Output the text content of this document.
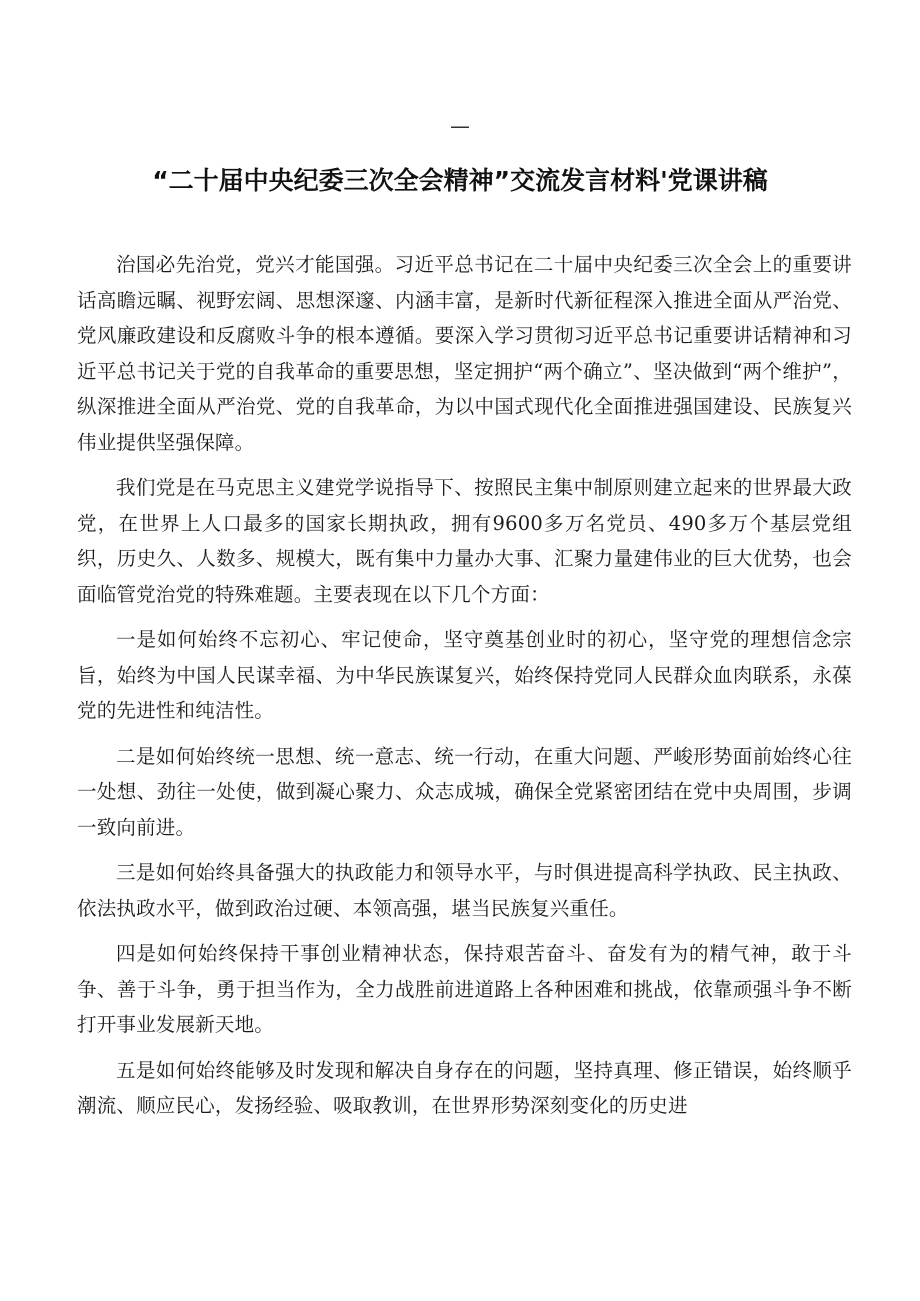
—
“二十届中央纪委三次全会精神”交流发言材料'党课讲稿

治国必先治党，党兴才能国强。习近平总书记在二十届中央纪委三次全会上的重要讲话高瞻远瞩、视野宏阔、思想深邃、内涵丰富，是新时代新征程深入推进全面从严治党、党风廉政建设和反腐败斗争的根本遵循。要深入学习贯彻习近平总书记重要讲话精神和习近平总书记关于党的自我革命的重要思想，坚定拥护“两个确立”、坚决做到“两个维护”，纵深推进全面从严治党、党的自我革命，为以中国式现代化全面推进强国建设、民族复兴伟业提供坚强保障。

我们党是在马克思主义建党学说指导下、按照民主集中制原则建立起来的世界最大政党，在世界上人口最多的国家长期执政，拥有9600多万名党员、490多万个基层党组织，历史久、人数多、规模大，既有集中力量办大事、汇聚力量建伟业的巨大优势，也会面临管党治党的特殊难题。主要表现在以下几个方面：

一是如何始终不忘初心、牢记使命，坚守奠基创业时的初心，坚守党的理想信念宗旨，始终为中国人民谋幸福、为中华民族谋复兴，始终保持党同人民群众血肉联系，永葆党的先进性和纯洁性。

二是如何始终统一思想、统一意志、统一行动，在重大问题、严峻形势面前始终心往一处想、劲往一处使，做到凝心聚力、众志成城，确保全党紧密团结在党中央周围，步调一致向前进。

三是如何始终具备强大的执政能力和领导水平，与时俱进提高科学执政、民主执政、依法执政水平，做到政治过硬、本领高强，堪当民族复兴重任。

四是如何始终保持干事创业精神状态，保持艰苦奋斗、奋发有为的精气神，敢于斗争、善于斗争，勇于担当作为，全力战胜前进道路上各种困难和挑战，依靠顽强斗争不断打开事业发展新天地。

五是如何始终能够及时发现和解决自身存在的问题，坚持真理、修正错误，始终顺乎潮流、顺应民心，发扬经验、吸取教训，在世界形势深刻变化的历史进
